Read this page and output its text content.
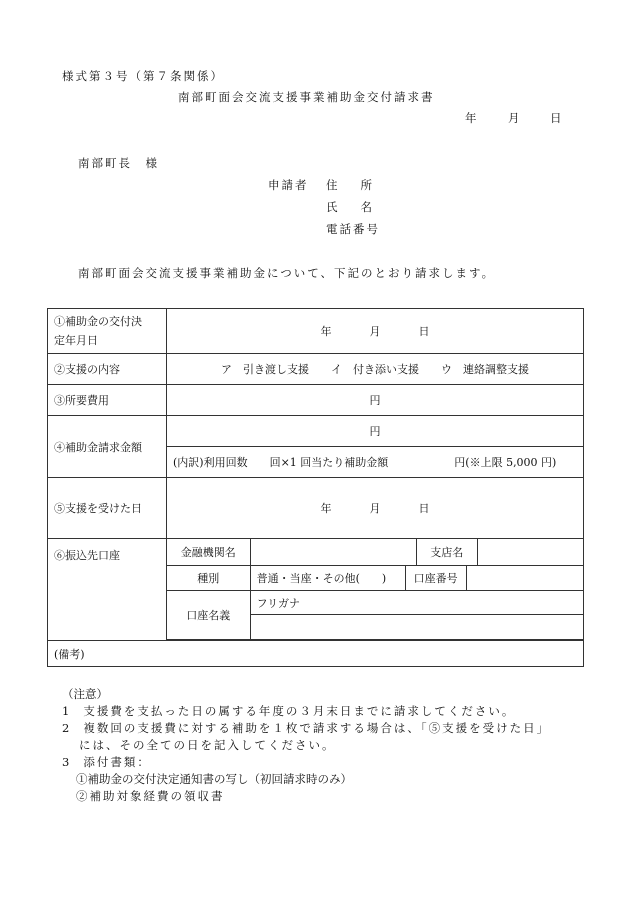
様式第３号（第７条関係）
南部町面会交流支援事業補助金交付請求書
年	月	日
南部町長　様
申請者 住　　所
氏　　名
電話番号
南部町面会交流支援事業補助金について、下記のとおり請求します。
①補助金の交付決
定年月日	年 月 日		
②支援の内容	ア　引き渡し支援　　イ　付き添い支援　　ウ　連絡調整支援		
③所要費用	円		
④補助金請求金額	円		
	(内訳)利用回数　　回×1 回当たり補助金額　　　　　　円(※上限 5,000 円)		
⑤支援を受けた日	年 月 日		
⑥振込先口座	金融機関名		支店名

	種別	普通・当座・その他(　　) 口座番号	

	口座名義	フリガナ	

(備考)			
（注意）
1 支援費を支払った日の属する年度の３月末日までに請求してください。
2 複数回の支援費に対する補助を１枚で請求する場合は、「⑤支援を受けた日」
には、その全ての日を記入してください。
3 添付書類：
①補助金の交付決定通知書の写し（初回請求時のみ）
②補助対象経費の領収書
